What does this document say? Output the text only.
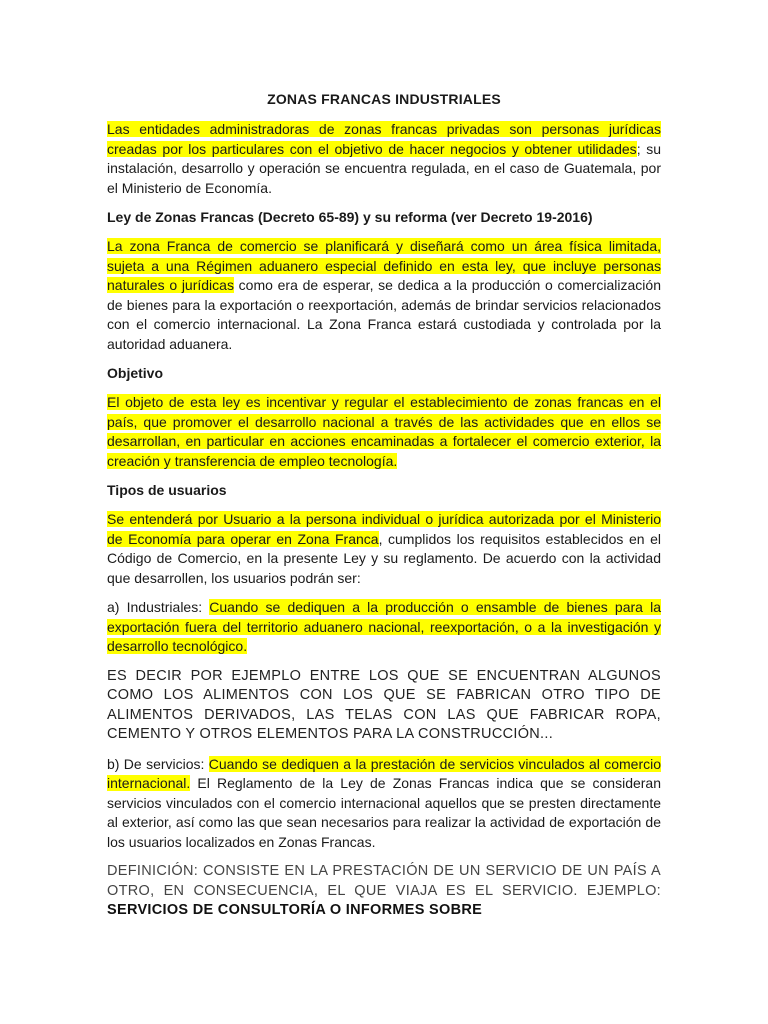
ZONAS FRANCAS INDUSTRIALES

Las entidades administradoras de zonas francas privadas son personas jurídicas creadas por los particulares con el objetivo de hacer negocios y obtener utilidades; su instalación, desarrollo y operación se encuentra regulada, en el caso de Guatemala, por el Ministerio de Economía.

Ley de Zonas Francas (Decreto 65-89) y su reforma (ver Decreto 19-2016)

La zona Franca de comercio se planificará y diseñará como un área física limitada, sujeta a una Régimen aduanero especial definido en esta ley, que incluye personas naturales o jurídicas como era de esperar, se dedica a la producción o comercialización de bienes para la exportación o reexportación, además de brindar servicios relacionados con el comercio internacional. La Zona Franca estará custodiada y controlada por la autoridad aduanera.

Objetivo

El objeto de esta ley es incentivar y regular el establecimiento de zonas francas en el país, que promover el desarrollo nacional a través de las actividades que en ellos se desarrollan, en particular en acciones encaminadas a fortalecer el comercio exterior, la creación y transferencia de empleo tecnología.

Tipos de usuarios

Se entenderá por Usuario a la persona individual o jurídica autorizada por el Ministerio de Economía para operar en Zona Franca, cumplidos los requisitos establecidos en el Código de Comercio, en la presente Ley y su reglamento. De acuerdo con la actividad que desarrollen, los usuarios podrán ser:

a) Industriales: Cuando se dediquen a la producción o ensamble de bienes para la exportación fuera del territorio aduanero nacional, reexportación, o a la investigación y desarrollo tecnológico.

ES DECIR POR EJEMPLO ENTRE LOS QUE SE ENCUENTRAN ALGUNOS COMO LOS ALIMENTOS CON LOS QUE SE FABRICAN OTRO TIPO DE ALIMENTOS DERIVADOS, LAS TELAS CON LAS QUE FABRICAR ROPA, CEMENTO Y OTROS ELEMENTOS PARA LA CONSTRUCCIÓN...

b) De servicios: Cuando se dediquen a la prestación de servicios vinculados al comercio internacional. El Reglamento de la Ley de Zonas Francas indica que se consideran servicios vinculados con el comercio internacional aquellos que se presten directamente al exterior, así como las que sean necesarios para realizar la actividad de exportación de los usuarios localizados en Zonas Francas.

DEFINICIÓN: CONSISTE EN LA PRESTACIÓN DE UN SERVICIO DE UN PAÍS A OTRO, EN CONSECUENCIA, EL QUE VIAJA ES EL SERVICIO. EJEMPLO: SERVICIOS DE CONSULTORÍA O INFORMES SOBRE
